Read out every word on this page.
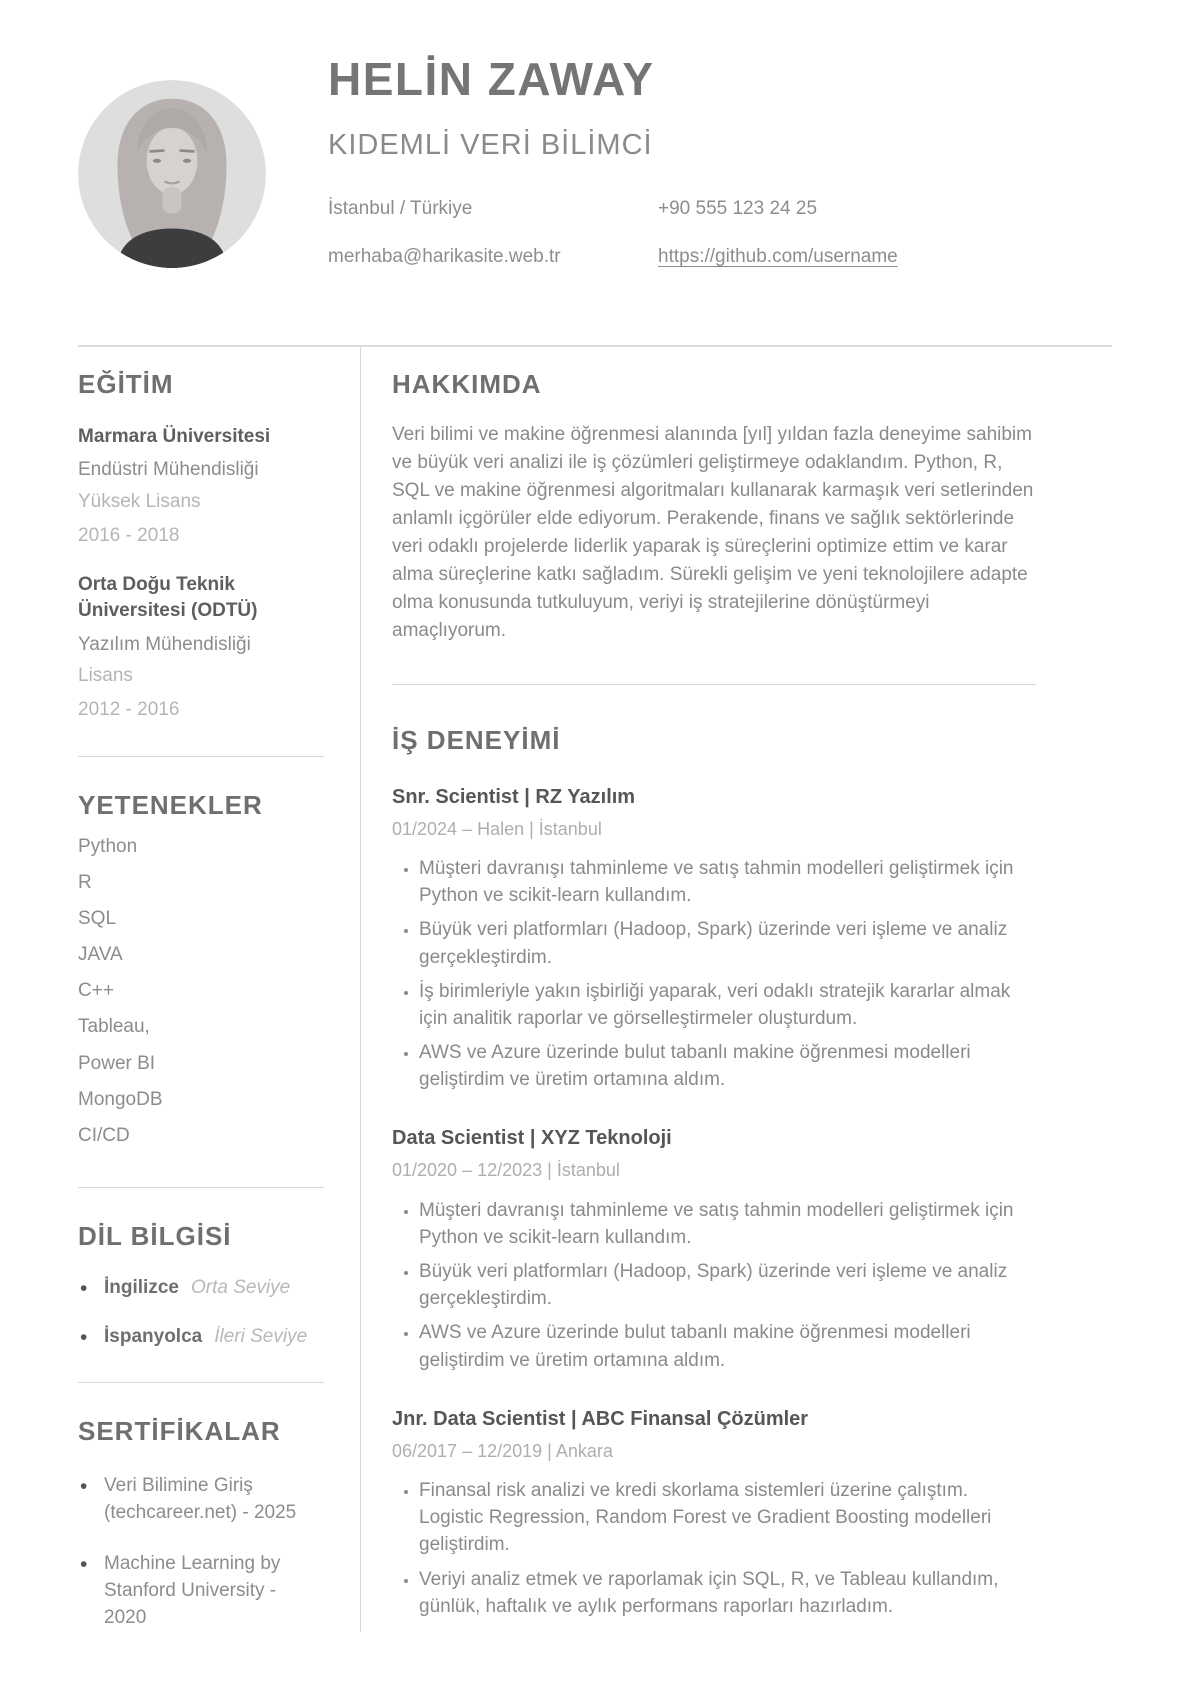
HELİN ZAWAY
KIDEMLİ VERİ BİLİMCİ
İstanbul / Türkiye	+90 555 123 24 25
merhaba@harikasite.web.tr	https://github.com/username
EĞİTİM
Marmara Üniversitesi
Endüstri Mühendisliği
Yüksek Lisans
2016 - 2018
Orta Doğu Teknik Üniversitesi (ODTÜ)
Yazılım Mühendisliği
Lisans
2012 - 2016
YETENEKLER
Python
R
SQL
JAVA
C++
Tableau,
Power BI
MongoDB
CI/CD
DİL BİLGİSİ
• İngilizce Orta Seviye
• İspanyolca İleri Seviye
SERTİFİKALAR
• Veri Bilimine Giriş (techcareer.net) - 2025
• Machine Learning by Stanford University - 2020
HAKKIMDA

Veri bilimi ve makine öğrenmesi alanında [yıl] yıldan fazla deneyime sahibim ve büyük veri analizi ile iş çözümleri geliştirmeye odaklandım. Python, R, SQL ve makine öğrenmesi algoritmaları kullanarak karmaşık veri setlerinden anlamlı içgörüler elde ediyorum. Perakende, finans ve sağlık sektörlerinde veri odaklı projelerde liderlik yaparak iş süreçlerini optimize ettim ve karar alma süreçlerine katkı sağladım. Sürekli gelişim ve yeni teknolojilere adapte olma konusunda tutkuluyum, veriyi iş stratejilerine dönüştürmeyi amaçlıyorum.

İŞ DENEYİMİ
Snr. Scientist | RZ Yazılım
01/2024 – Halen | İstanbul
• Müşteri davranışı tahminleme ve satış tahmin modelleri geliştirmek için Python ve scikit-learn kullandım.
• Büyük veri platformları (Hadoop, Spark) üzerinde veri işleme ve analiz gerçekleştirdim.
• İş birimleriyle yakın işbirliği yaparak, veri odaklı stratejik kararlar almak için analitik raporlar ve görselleştirmeler oluşturdum.
• AWS ve Azure üzerinde bulut tabanlı makine öğrenmesi modelleri geliştirdim ve üretim ortamına aldım.
Data Scientist | XYZ Teknoloji
01/2020 – 12/2023 | İstanbul
• Müşteri davranışı tahminleme ve satış tahmin modelleri geliştirmek için Python ve scikit-learn kullandım.
• Büyük veri platformları (Hadoop, Spark) üzerinde veri işleme ve analiz gerçekleştirdim.
• AWS ve Azure üzerinde bulut tabanlı makine öğrenmesi modelleri geliştirdim ve üretim ortamına aldım.
Jnr. Data Scientist | ABC Finansal Çözümler
06/2017 – 12/2019 | Ankara
• Finansal risk analizi ve kredi skorlama sistemleri üzerine çalıştım. Logistic Regression, Random Forest ve Gradient Boosting modelleri geliştirdim.
• Veriyi analiz etmek ve raporlamak için SQL, R, ve Tableau kullandım, günlük, haftalık ve aylık performans raporları hazırladım.
